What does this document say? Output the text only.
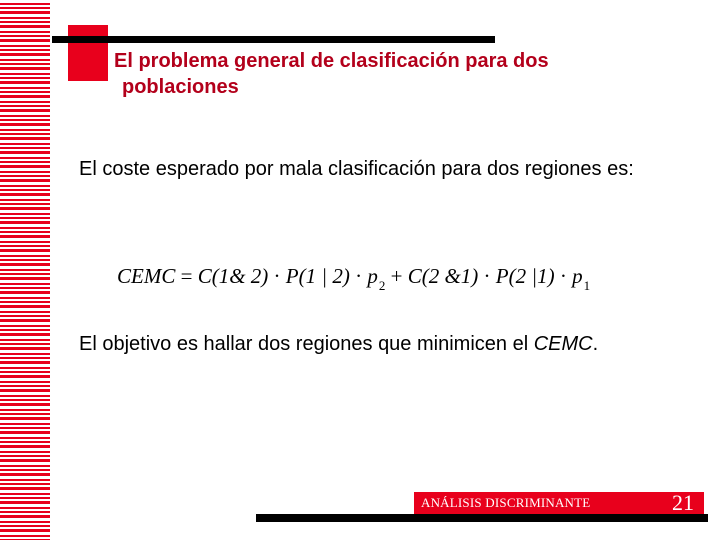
El problema general de clasificación para dos
poblaciones
El coste esperado por mala clasificación para dos regiones es:
CEMC = C(1& 2) · P(1 | $2) \cdot p_2 + C(2$ &1) · P(2 $|1) \cdot p_1$
El objetivo es hallar dos regiones que minimicen el CEMC.
ANÁLISIS DISCRIMINANTE	21
